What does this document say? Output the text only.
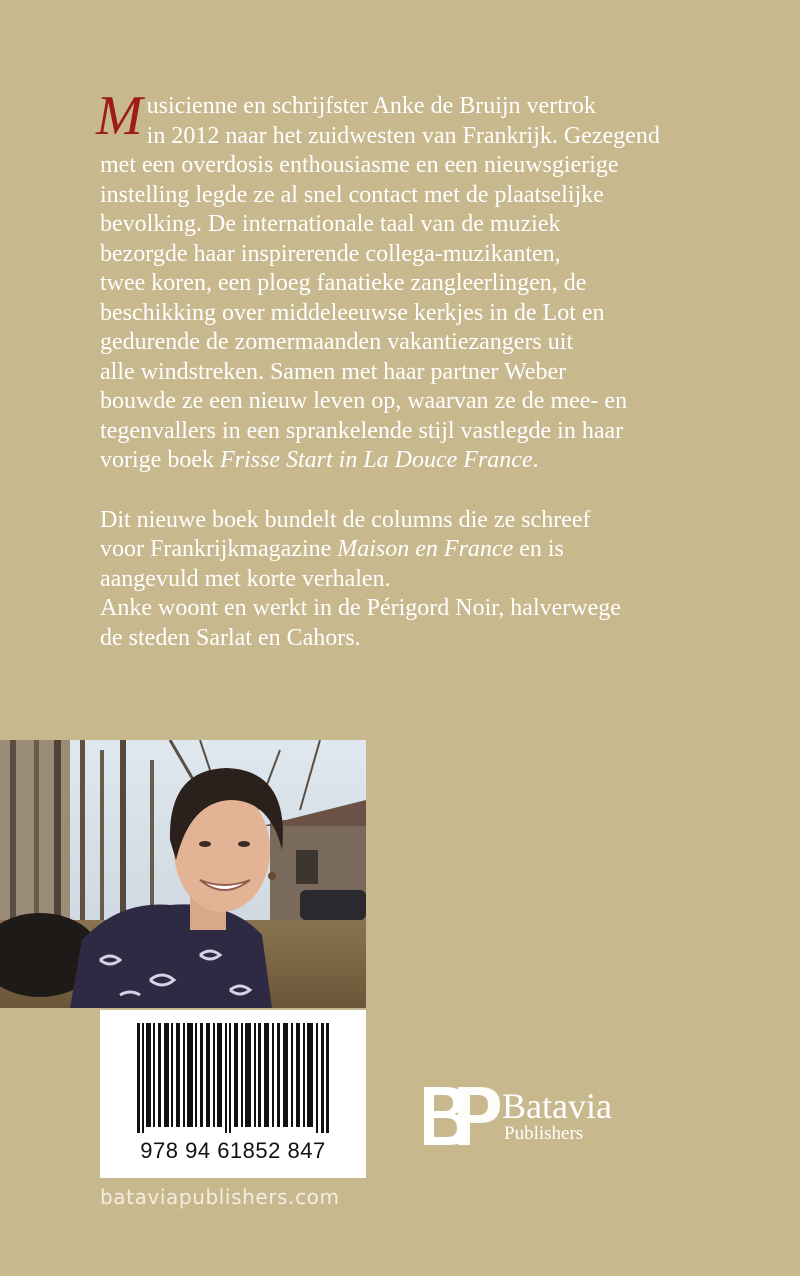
M usicienne en schrijfster Anke de Bruijn vertrok
in 2012 naar het zuidwesten van Frankrijk. Gezegend
met een overdosis enthousiasme en een nieuwsgierige
instelling legde ze al snel contact met de plaatselijke
bevolking. De internationale taal van de muziek
bezorgde haar inspirerende collega-muzikanten,
twee koren, een ploeg fanatieke zangleerlingen, de
beschikking over middeleeuwse kerkjes in de Lot en
gedurende de zomermaanden vakantiezangers uit
alle windstreken. Samen met haar partner Weber
bouwde ze een nieuw leven op, waarvan ze de mee- en
tegenvallers in een sprankelende stijl vastlegde in haar
vorige boek Frisse Start in La Douce France.

Dit nieuwe boek bundelt de columns die ze schreef
voor Frankrijkmagazine Maison en France en is
aangevuld met korte verhalen.
Anke woont en werkt in de Périgord Noir, halverwege
de steden Sarlat en Cahors.

978 94 61852 847
bataviapublishers.com
Batavia
Publishers
